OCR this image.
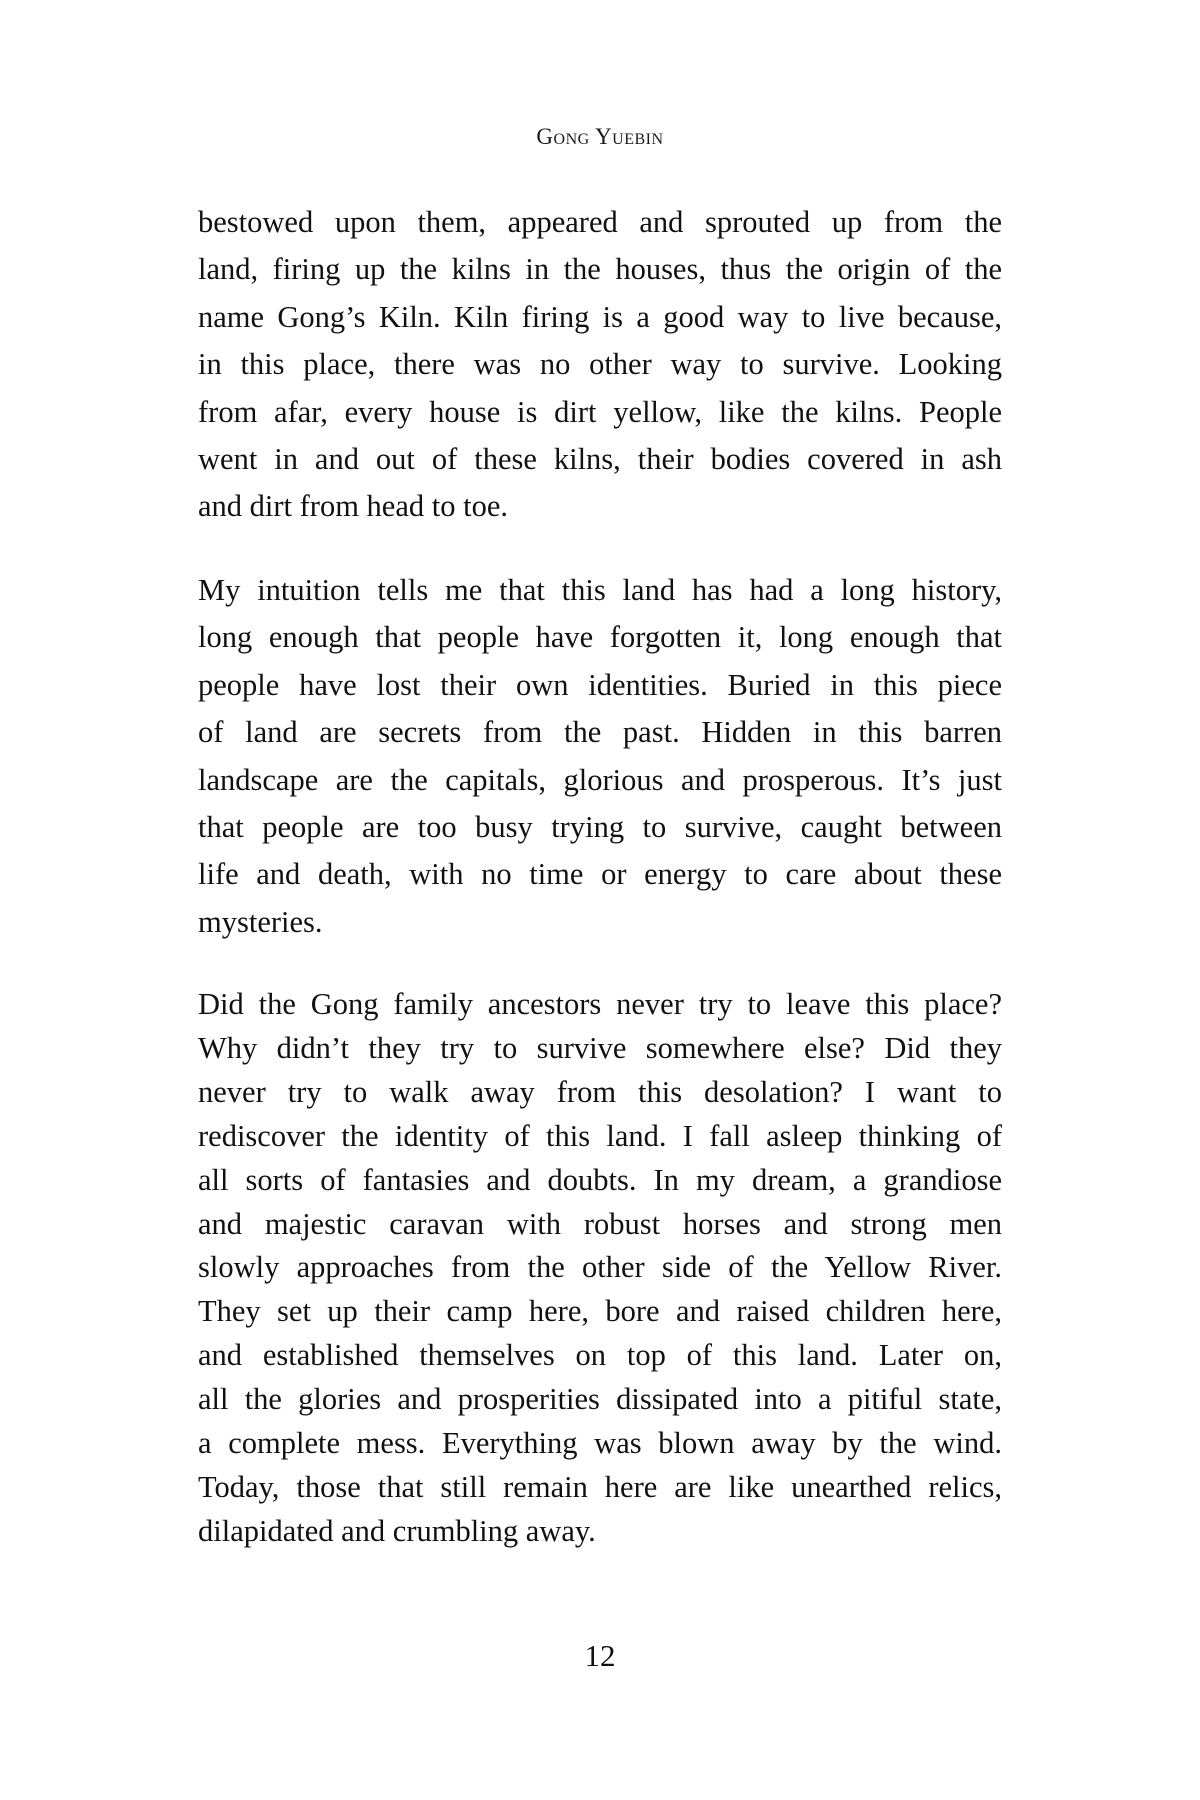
Gong Yuebin
bestowed upon them, appeared and sprouted up from the
land, firing up the kilns in the houses, thus the origin of the
name Gong’s Kiln. Kiln firing is a good way to live because,
in this place, there was no other way to survive. Looking
from afar, every house is dirt yellow, like the kilns. People
went in and out of these kilns, their bodies covered in ash
and dirt from head to toe.
My intuition tells me that this land has had a long history,
long enough that people have forgotten it, long enough that
people have lost their own identities. Buried in this piece
of land are secrets from the past. Hidden in this barren
landscape are the capitals, glorious and prosperous. It’s just
that people are too busy trying to survive, caught between
life and death, with no time or energy to care about these
mysteries.
Did the Gong family ancestors never try to leave this place?
Why didn’t they try to survive somewhere else? Did they
never try to walk away from this desolation? I want to
rediscover the identity of this land. I fall asleep thinking of
all sorts of fantasies and doubts. In my dream, a grandiose
and majestic caravan with robust horses and strong men
slowly approaches from the other side of the Yellow River.
They set up their camp here, bore and raised children here,
and established themselves on top of this land. Later on,
all the glories and prosperities dissipated into a pitiful state,
a complete mess. Everything was blown away by the wind.
Today, those that still remain here are like unearthed relics,
dilapidated and crumbling away.
12
